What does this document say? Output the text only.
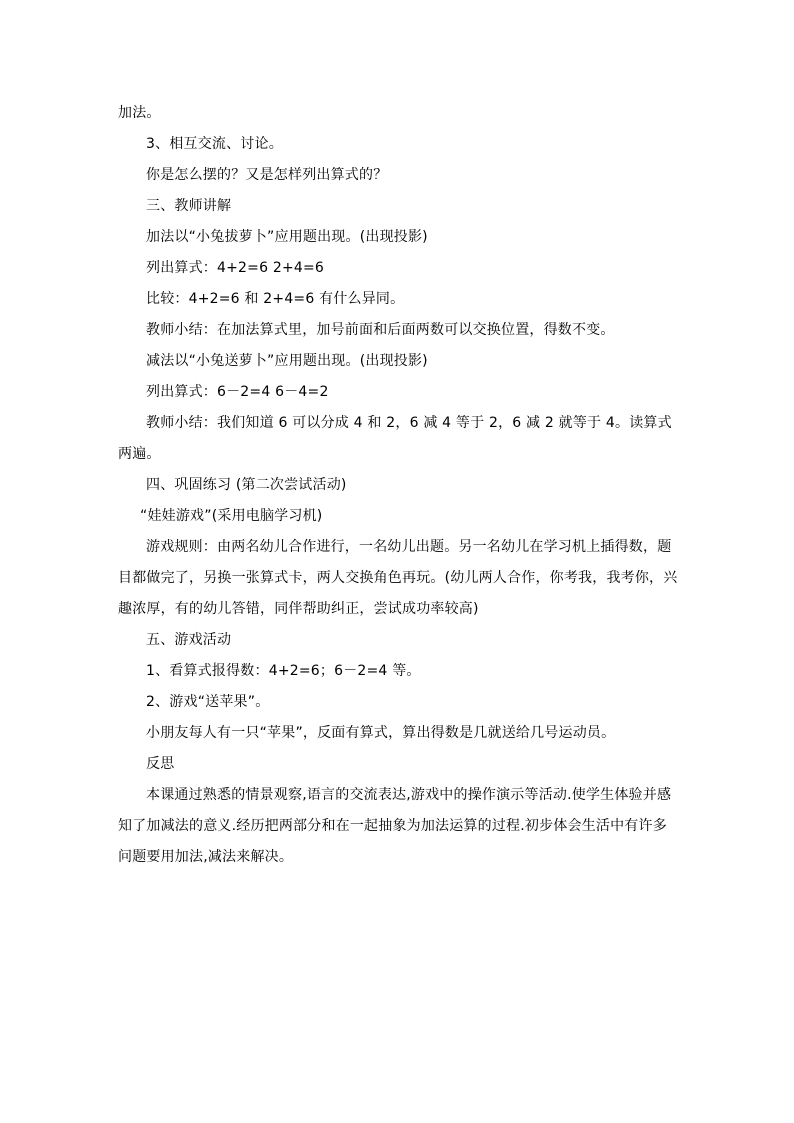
加法。

3、相互交流、讨论。

你是怎么摆的？又是怎样列出算式的？

三、教师讲解

加法以“小兔拔萝卜”应用题出现。(出现投影)

列出算式：4+2=6 2+4=6

比较：4+2=6 和 2+4=6 有什么异同。

教师小结：在加法算式里，加号前面和后面两数可以交换位置，得数不变。

减法以“小兔送萝卜”应用题出现。(出现投影)

列出算式：6－2=4 6－4=2

教师小结：我们知道 6 可以分成 4 和 2，6 减 4 等于 2，6 减 2 就等于 4。读算式两遍。

四、巩固练习 (第二次尝试活动)

“娃娃游戏”(采用电脑学习机)

游戏规则：由两名幼儿合作进行，一名幼儿出题。另一名幼儿在学习机上插得数，题目都做完了，另换一张算式卡，两人交换角色再玩。(幼儿两人合作，你考我，我考你，兴趣浓厚，有的幼儿答错，同伴帮助纠正，尝试成功率较高)

五、游戏活动

1、看算式报得数：4+2=6；6－2=4 等。

2、游戏“送苹果”。

小朋友每人有一只“苹果”，反面有算式，算出得数是几就送给几号运动员。

反思

本课通过熟悉的情景观察,语言的交流表达,游戏中的操作演示等活动.使学生体验并感知了加减法的意义.经历把两部分和在一起抽象为加法运算的过程.初步体会生活中有许多问题要用加法,减法来解决。
